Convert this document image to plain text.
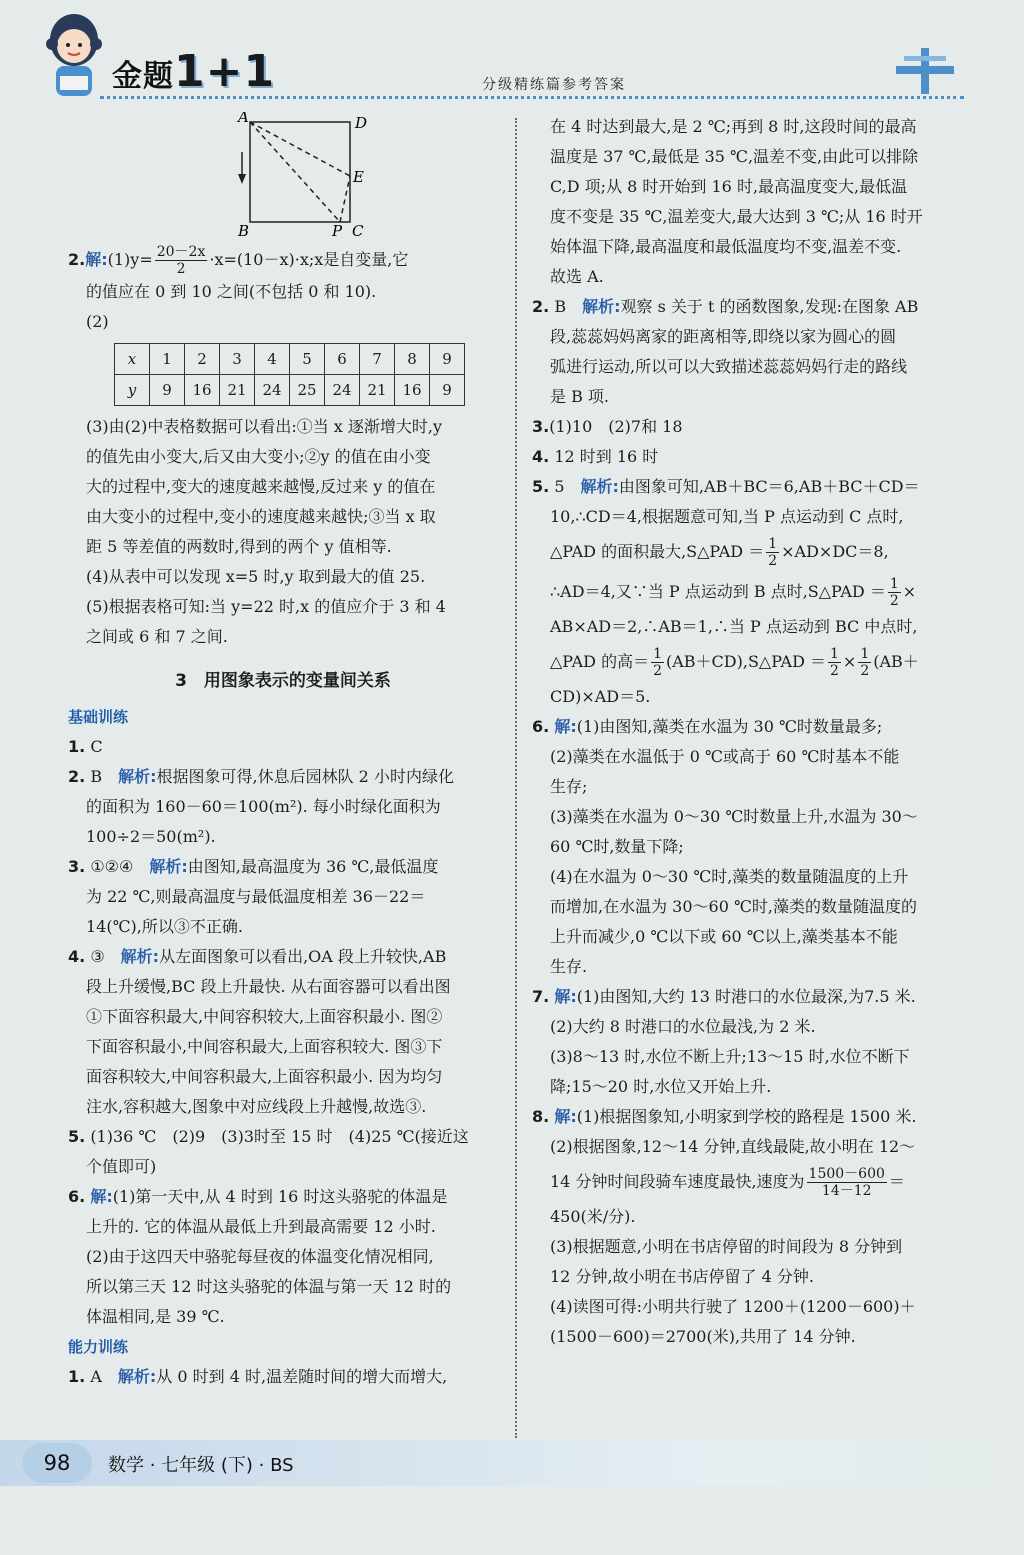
金题1+1	分级精练篇参考答案
A	D
E
B	P C

2.解:(1)y= $\frac{20-2x}{2}$ ·x=(10－x)·x;x是自变量,它

的值应在 0 到 10 之间(不包括 0 和 10).

(2)

x	1	2	3	4	5	6	7	8	9
y	9	16	21	24	25	24	21	16	9

(3)由(2)中表格数据可以看出:①当 x 逐渐增大时,y

的值先由小变大,后又由大变小;②y 的值在由小变

大的过程中,变大的速度越来越慢,反过来 y 的值在

由大变小的过程中,变小的速度越来越快;③当 x 取

距 5 等差值的两数时,得到的两个 y 值相等.

(4)从表中可以发现 x=5 时,y 取到最大的值 25.

(5)根据表格可知:当 y=22 时,x 的值应介于 3 和 4

之间或 6 和 7 之间.

3　用图象表示的变量间关系

基础训练

1. C

2. B　 解析:根据图象可得,休息后园林队 2 小时内绿化

的面积为 160－60＝100(m²). 每小时绿化面积为

100÷2＝50(m²).

3. ①②④　 解析:由图知,最高温度为 36 ℃,最低温度

为 22 ℃,则最高温度与最低温度相差 36－22＝

14(℃),所以③不正确.

4. ③　 解析:从左面图象可以看出,OA 段上升较快,AB

段上升缓慢,BC 段上升最快. 从右面容器可以看出图

①下面容积最大,中间容积较大,上面容积最小. 图②

下面容积最小,中间容积最大,上面容积较大. 图③下

面容积较大,中间容积最大,上面容积最小. 因为均匀

注水,容积越大,图象中对应线段上升越慢,故选③.

5. (1)36 ℃　(2)9　(3)3时至 15 时　(4)25 ℃(接近这

个值即可)

6. 解:(1)第一天中,从 4 时到 16 时这头骆驼的体温是

上升的. 它的体温从最低上升到最高需要 12 小时.

(2)由于这四天中骆驼每昼夜的体温变化情况相同,

所以第三天 12 时这头骆驼的体温与第一天 12 时的

体温相同,是 39 ℃.

能力训练

1. A　 解析:从 0 时到 4 时,温差随时间的增大而增大,

在 4 时达到最大,是 2 ℃;再到 8 时,这段时间的最高

温度是 37 ℃,最低是 35 ℃,温差不变,由此可以排除

C,D 项;从 8 时开始到 16 时,最高温度变大,最低温

度不变是 35 ℃,温差变大,最大达到 3 ℃;从 16 时开

始体温下降,最高温度和最低温度均不变,温差不变.

故选 A.

2. B　 解析:观察 s 关于 t 的函数图象,发现:在图象 AB

段,蕊蕊妈妈离家的距离相等,即绕以家为圆心的圆

弧进行运动,所以可以大致描述蕊蕊妈妈行走的路线

是 B 项.

3.(1)10　(2)7和 18

4. 12 时到 16 时

5. 5　 解析:由图象可知,AB＋BC＝6,AB＋BC＋CD＝

10,∴CD＝4,根据题意可知,当 P 点运动到 C 点时,

△PAD 的面积最大,S△PAD ＝ $\frac{1}{2} \times AD\times DC=8$,

∴AD＝4,又∵当 P 点运动到 B 点时,S△PAD ＝ $\frac{1}{2}$ ×

AB×AD＝2,∴AB＝1,∴当 P 点运动到 BC 中点时,

△PAD 的高＝ $\frac{1}{2}$ (AB＋CD),S△PAD ＝ $\frac{1}{2} \times \frac{1}{2} (AB+$

CD)×AD＝5.

6. 解:(1)由图知,藻类在水温为 30 ℃时数量最多;

(2)藻类在水温低于 0 ℃或高于 60 ℃时基本不能

生存;

(3)藻类在水温为 0～30 ℃时数量上升,水温为 30～

60 ℃时,数量下降;

(4)在水温为 0～30 ℃时,藻类的数量随温度的上升

而增加,在水温为 30～60 ℃时,藻类的数量随温度的

上升而减少,0 ℃以下或 60 ℃以上,藻类基本不能

生存.

7. 解:(1)由图知,大约 13 时港口的水位最深,为7.5 米.

(2)大约 8 时港口的水位最浅,为 2 米.

(3)8～13 时,水位不断上升;13～15 时,水位不断下

降;15～20 时,水位又开始上升.

8. 解:(1)根据图象知,小明家到学校的路程是 1500 米.

(2)根据图象,12～14 分钟,直线最陡,故小明在 12～

14 分钟时间段骑车速度最快,速度为 $\frac{1500-600}{14-12}$ ＝

450(米/分).

(3)根据题意,小明在书店停留的时间段为 8 分钟到

12 分钟,故小明在书店停留了 4 分钟.

(4)读图可得:小明共行驶了 1200＋(1200－600)＋

(1500－600)＝2700(米),共用了 14 分钟.

98	数学 · 七年级 (下) · BS
